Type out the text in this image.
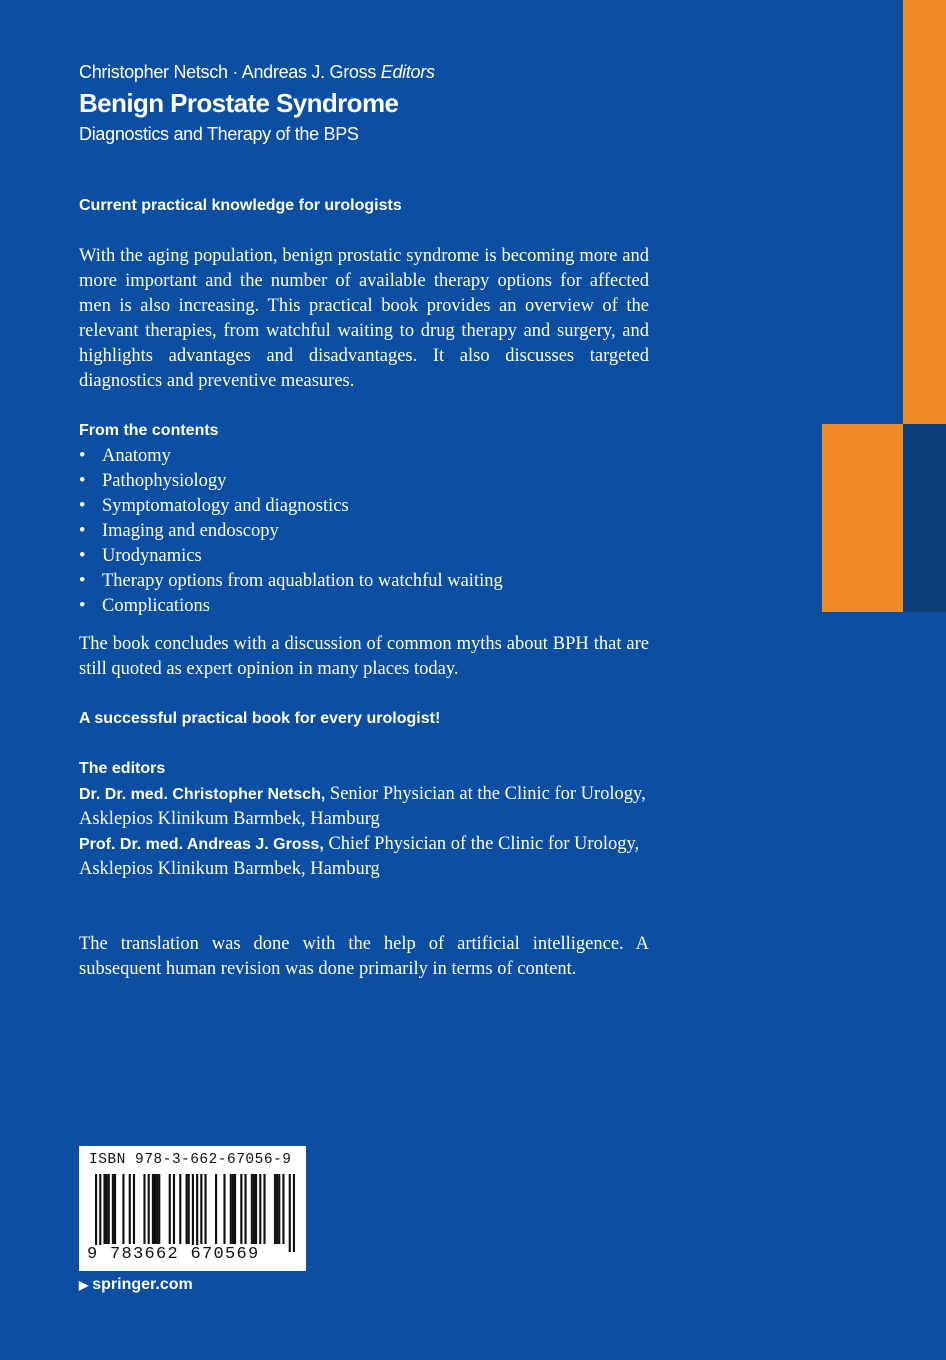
Christopher Netsch · Andreas J. Gross Editors
Benign Prostate Syndrome
Diagnostics and Therapy of the BPS
Current practical knowledge for urologists
With the aging population, benign prostatic syndrome is becoming more and more important and the number of available therapy options for affected men is also increasing. This practical book provides an overview of the relevant therapies, from watchful waiting to drug therapy and surgery, and highlights advantages and disadvantages. It also discusses targeted diagnostics and preventive measures.
From the contents
• Anatomy
• Pathophysiology
• Symptomatology and diagnostics
• Imaging and endoscopy
• Urodynamics
• Therapy options from aquablation to watchful waiting
• Complications
The book concludes with a discussion of common myths about BPH that are still quoted as expert opinion in many places today.
A successful practical book for every urologist!
The editors
Dr. Dr. med. Christopher Netsch, Senior Physician at the Clinic for Urology, Asklepios Klinikum Barmbek, Hamburg
Prof. Dr. med. Andreas J. Gross, Chief Physician of the Clinic for Urology, Asklepios Klinikum Barmbek, Hamburg
The translation was done with the help of artificial intelligence. A subsequent human revision was done primarily in terms of content.
ISBN 978-3-662-67056-9
9 783662 670569
▶ springer.com
